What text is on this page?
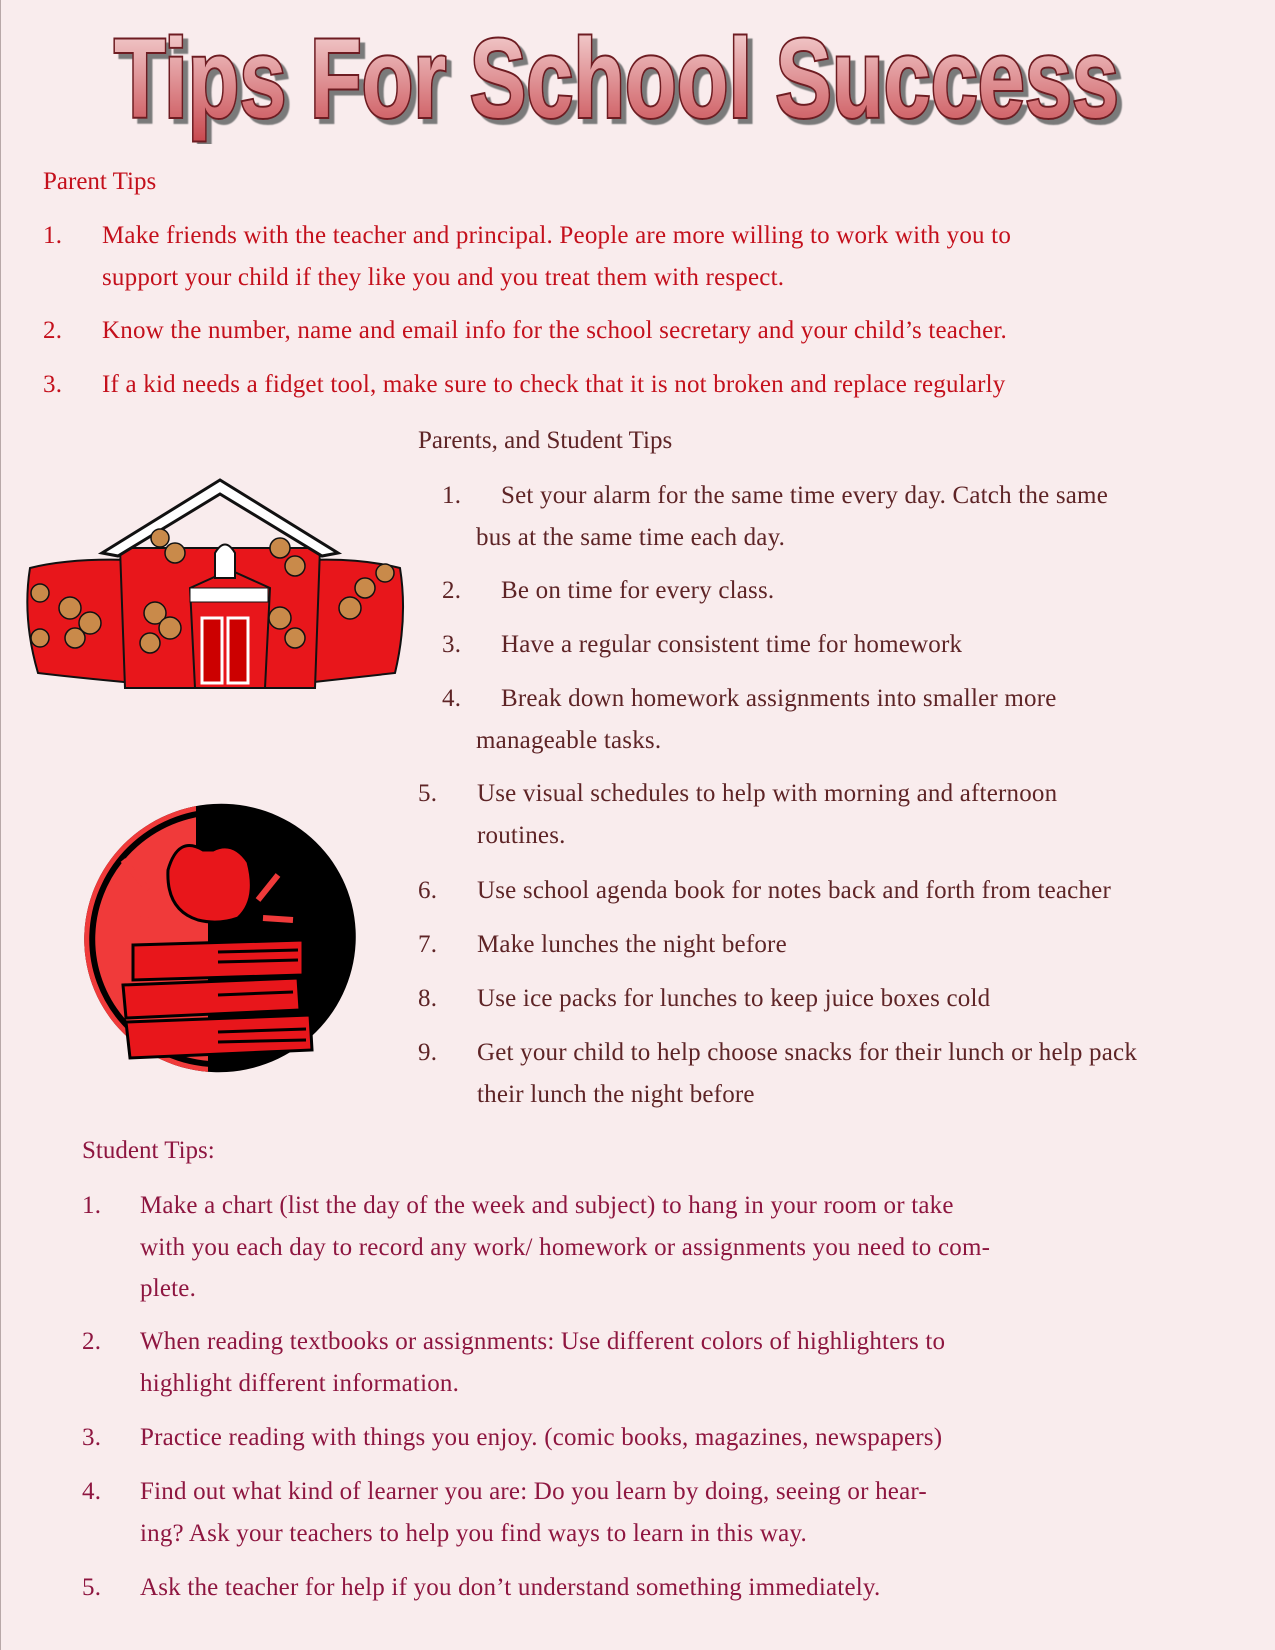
Tips For School Success
Parent Tips
1. Make friends with the teacher and principal. People are more willing to work with you to
support your child if they like you and you treat them with respect.
2. Know the number, name and email info for the school secretary and your child’s teacher.
3. If a kid needs a fidget tool, make sure to check that it is not broken and replace regularly
Parents, and Student Tips
1. Set your alarm for the same time every day. Catch the same
bus at the same time each day.
2. Be on time for every class.
3. Have a regular consistent time for homework
4. Break down homework assignments into smaller more
manageable tasks.
5. Use visual schedules to help with morning and afternoon
routines.
6. Use school agenda book for notes back and forth from teacher
7. Make lunches the night before
8. Use ice packs for lunches to keep juice boxes cold
9. Get your child to help choose snacks for their lunch or help pack
their lunch the night before
Student Tips:
1. Make a chart (list the day of the week and subject) to hang in your room or take
with you each day to record any work/ homework or assignments you need to com-
plete.
2. When reading textbooks or assignments: Use different colors of highlighters to
highlight different information.
3. Practice reading with things you enjoy. (comic books, magazines, newspapers)
4. Find out what kind of learner you are: Do you learn by doing, seeing or hear-
ing? Ask your teachers to help you find ways to learn in this way.
5. Ask the teacher for help if you don’t understand something immediately.
